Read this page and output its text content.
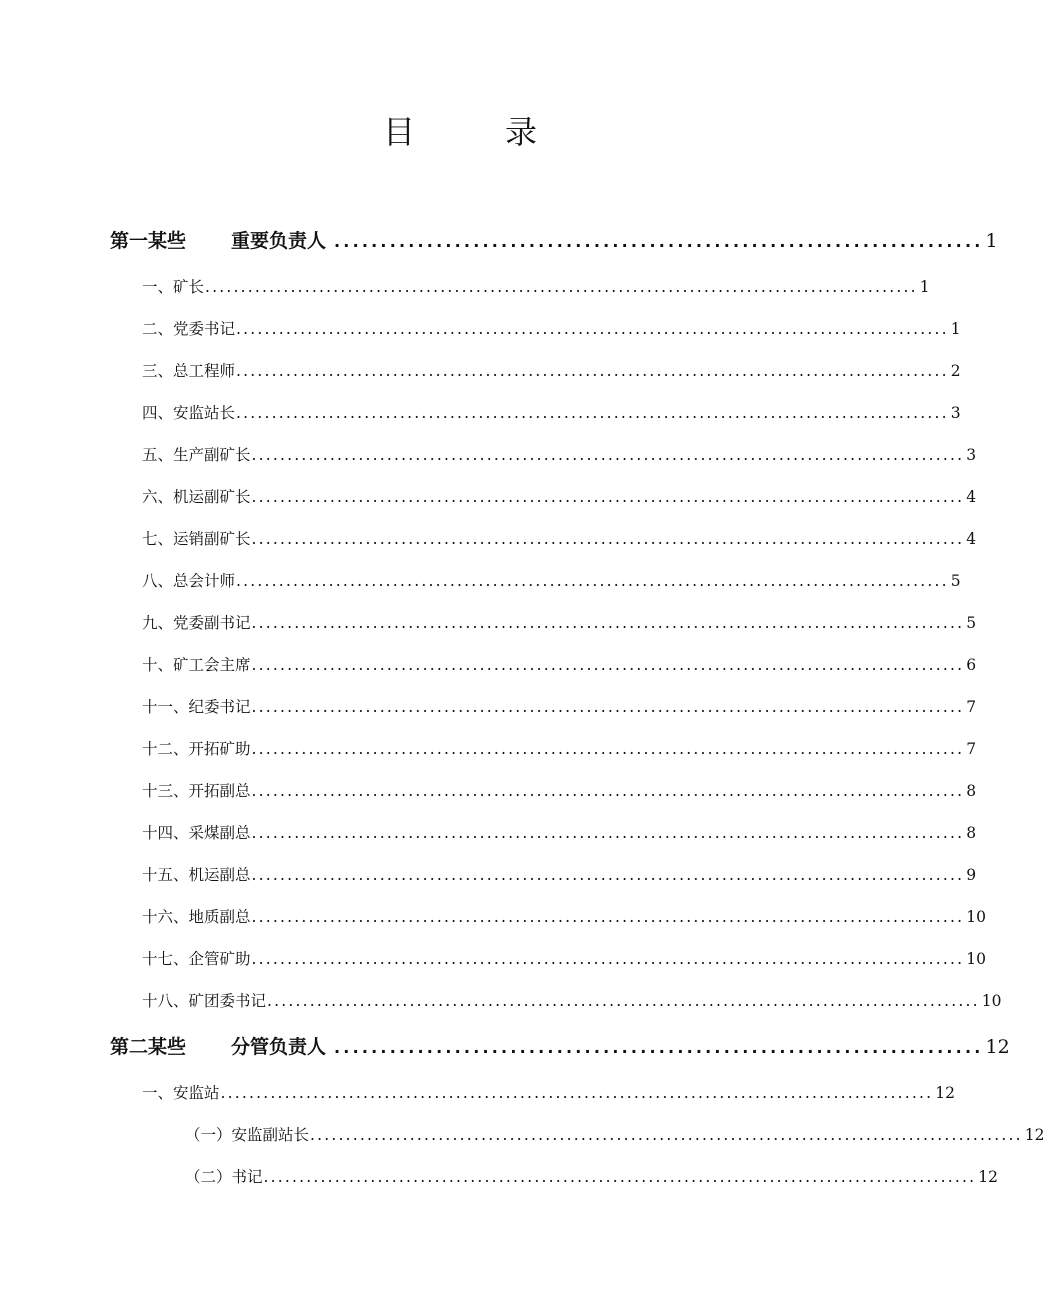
目	录
第一某些 重要负责人 ...................................................................... 1
一、矿长 .................................................................................................... 1
二、党委书记 .................................................................................................... 1
三、总工程师 .................................................................................................... 2
四、安监站长 .................................................................................................... 3
五、生产副矿长 .................................................................................................... 3
六、机运副矿长 .................................................................................................... 4
七、运销副矿长 .................................................................................................... 4
八、总会计师 .................................................................................................... 5
九、党委副书记 .................................................................................................... 5
十、矿工会主席 .................................................................................................... 6
十一、纪委书记 .................................................................................................... 7
十二、开拓矿助 .................................................................................................... 7
十三、开拓副总 .................................................................................................... 8
十四、采煤副总 .................................................................................................... 8
十五、机运副总 .................................................................................................... 9
十六、地质副总 .................................................................................................... 10
十七、企管矿助 .................................................................................................... 10
十八、矿团委书记 .................................................................................................... 10
第二某些 分管负责人 ...................................................................... 12
一、安监站 .................................................................................................... 12
（一）安监副站长 .................................................................................................... 12
（二）书记 .................................................................................................... 12
